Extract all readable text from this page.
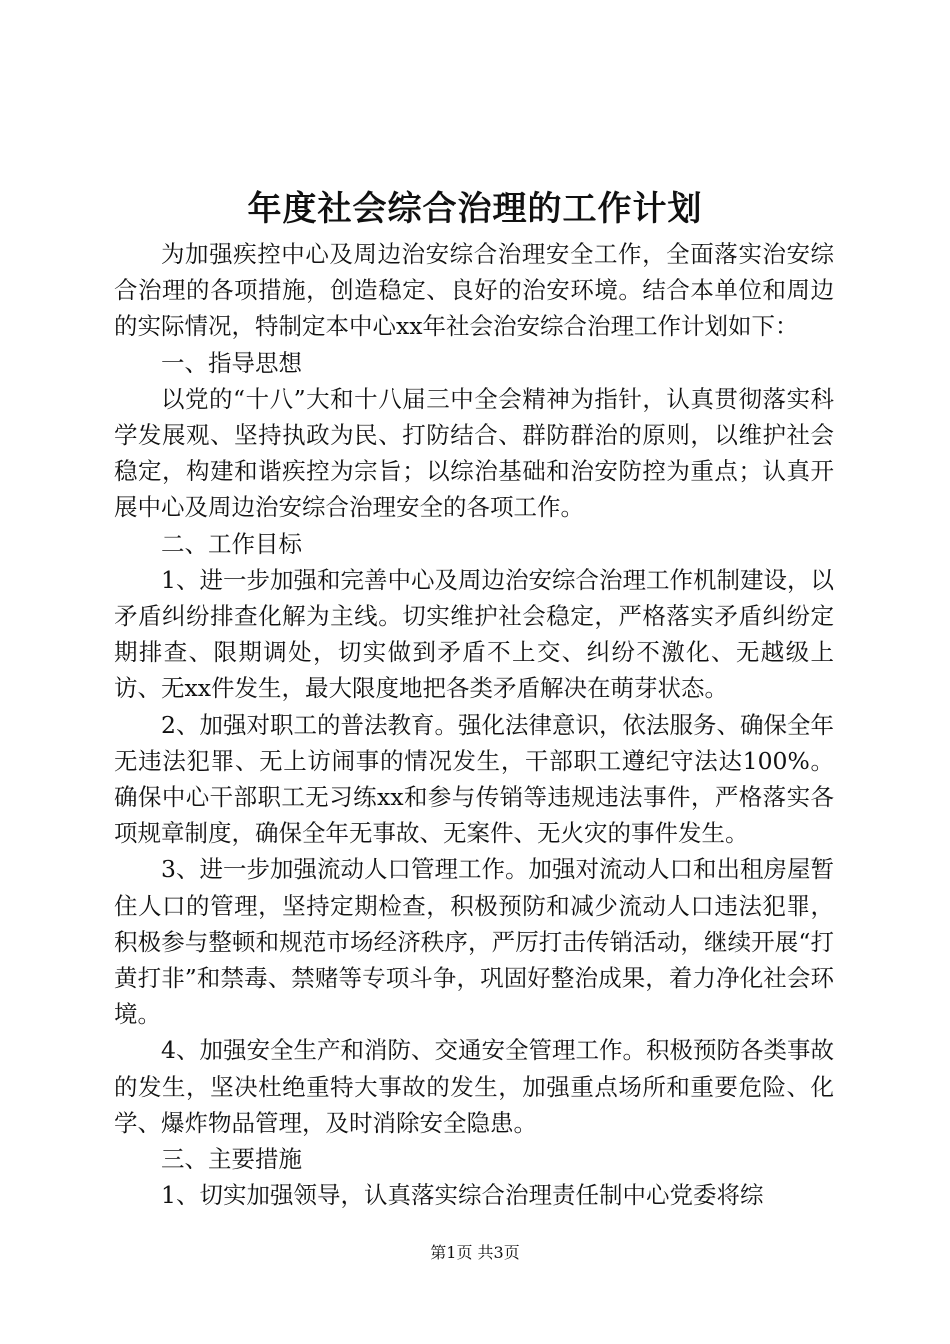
年度社会综合治理的工作计划

为加强疾控中心及周边治安综合治理安全工作，全面落实治安综合治理的各项措施，创造稳定、良好的治安环境。结合本单位和周边的实际情况，特制定本中心xx年社会治安综合治理工作计划如下：

一、指导思想

以党的“十八”大和十八届三中全会精神为指针，认真贯彻落实科学发展观、坚持执政为民、打防结合、群防群治的原则，以维护社会稳定，构建和谐疾控为宗旨；以综治基础和治安防控为重点；认真开展中心及周边治安综合治理安全的各项工作。

二、工作目标

1、进一步加强和完善中心及周边治安综合治理工作机制建设，以矛盾纠纷排查化解为主线。切实维护社会稳定，严格落实矛盾纠纷定期排查、限期调处，切实做到矛盾不上交、纠纷不激化、无越级上访、无xx件发生，最大限度地把各类矛盾解决在萌芽状态。

2、加强对职工的普法教育。强化法律意识，依法服务、确保全年无违法犯罪、无上访闹事的情况发生，干部职工遵纪守法达100%。确保中心干部职工无习练xx和参与传销等违规违法事件，严格落实各项规章制度，确保全年无事故、无案件、无火灾的事件发生。

3、进一步加强流动人口管理工作。加强对流动人口和出租房屋暂住人口的管理，坚持定期检查，积极预防和减少流动人口违法犯罪，积极参与整顿和规范市场经济秩序，严厉打击传销活动，继续开展“打黄打非”和禁毒、禁赌等专项斗争，巩固好整治成果，着力净化社会环境。

4、加强安全生产和消防、交通安全管理工作。积极预防各类事故的发生，坚决杜绝重特大事故的发生，加强重点场所和重要危险、化学、爆炸物品管理，及时消除安全隐患。

三、主要措施

1、切实加强领导，认真落实综合治理责任制中心党委将综

第1页 共3页
